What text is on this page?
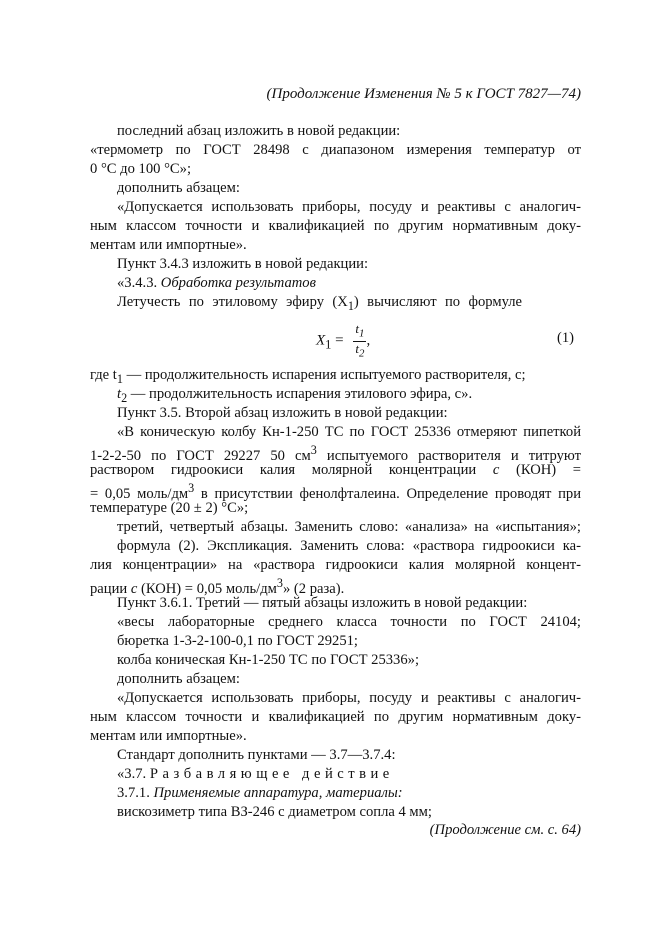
(Продолжение Изменения № 5 к ГОСТ 7827—74)
последний абзац изложить в новой редакции:
«термометр по ГОСТ 28498 с диапазоном измерения температур от
0 °С до 100 °С»;
дополнить абзацем:
«Допускается использовать приборы, посуду и реактивы с аналогич-
ным классом точности и квалификацией по другим нормативным доку-
ментам или импортные».
Пункт 3.4.3 изложить в новой редакции:
«3.4.3. Обработка результатов
Летучесть по этиловому эфиру $(X_1)$ вычисляют по формуле
$X_1 = \frac{t_1}{t_2}$ ,	(1)
где $t_1$ — продолжительность испарения испытуемого растворителя, с;
$t_2$ — продолжительность испарения этилового эфира, с».
Пункт 3.5. Второй абзац изложить в новой редакции:
«В коническую колбу Кн-1-250 ТС по ГОСТ 25336 отмеряют пипеткой
1-2-2-50 по ГОСТ 29227 50 $см^3$ испытуемого растворителя и титруют
раствором гидроокиси калия молярной концентрации c (КОН) =
= 0,05 моль/$дм^3$ в присутствии фенолфталеина. Определение проводят при
температуре (20 ± 2) °С»;
третий, четвертый абзацы. Заменить слово: «анализа» на «испытания»;
формула (2). Экспликация. Заменить слова: «раствора гидроокиси ка-
лия концентрации» на «раствора гидроокиси калия молярной концент-
рации c (КОН) = 0,05 моль/$дм^3$» (2 раза).
Пункт 3.6.1. Третий — пятый абзацы изложить в новой редакции:
«весы лабораторные среднего класса точности по ГОСТ 24104;
бюретка 1-3-2-100-0,1 по ГОСТ 29251;
колба коническая Кн-1-250 ТС по ГОСТ 25336»;
дополнить абзацем:
«Допускается использовать приборы, посуду и реактивы с аналогич-
ным классом точности и квалификацией по другим нормативным доку-
ментам или импортные».
Стандарт дополнить пунктами — 3.7—3.7.4:
«3.7. Разбавляющее действие
3.7.1. Применяемые аппаратура, материалы:
вискозиметр типа ВЗ-246 с диаметром сопла 4 мм;
(Продолжение см. с. 64)
